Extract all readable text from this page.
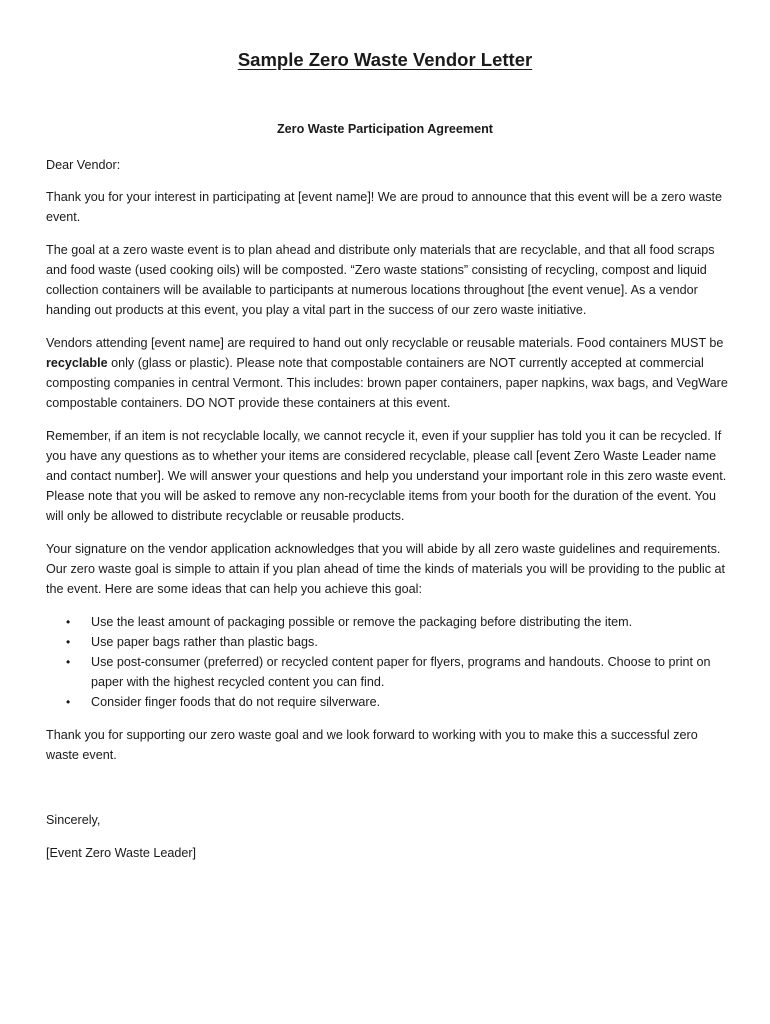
Sample Zero Waste Vendor Letter
Zero Waste Participation Agreement

Dear Vendor:

Thank you for your interest in participating at [event name]! We are proud to announce that this event will be a zero waste event.

The goal at a zero waste event is to plan ahead and distribute only materials that are recyclable, and that all food scraps and food waste (used cooking oils) will be composted. “Zero waste stations” consisting of recycling, compost and liquid collection containers will be available to participants at numerous locations throughout [the event venue]. As a vendor handing out products at this event, you play a vital part in the success of our zero waste initiative.

Vendors attending [event name] are required to hand out only recyclable or reusable materials. Food containers MUST be recyclable only (glass or plastic). Please note that compostable containers are NOT currently accepted at commercial composting companies in central Vermont. This includes: brown paper containers, paper napkins, wax bags, and VegWare compostable containers. DO NOT provide these containers at this event.

Remember, if an item is not recyclable locally, we cannot recycle it, even if your supplier has told you it can be recycled. If you have any questions as to whether your items are considered recyclable, please call [event Zero Waste Leader name and contact number]. We will answer your questions and help you understand your important role in this zero waste event. Please note that you will be asked to remove any non-recyclable items from your booth for the duration of the event. You will only be allowed to distribute recyclable or reusable products.

Your signature on the vendor application acknowledges that you will abide by all zero waste guidelines and requirements. Our zero waste goal is simple to attain if you plan ahead of time the kinds of materials you will be providing to the public at the event. Here are some ideas that can help you achieve this goal:

• Use the least amount of packaging possible or remove the packaging before distributing the item.
• Use paper bags rather than plastic bags.
• Use post-consumer (preferred) or recycled content paper for flyers, programs and handouts. Choose to print on paper with the highest recycled content you can find.
• Consider finger foods that do not require silverware.

Thank you for supporting our zero waste goal and we look forward to working with you to make this a successful zero waste event.

Sincerely,

[Event Zero Waste Leader]
